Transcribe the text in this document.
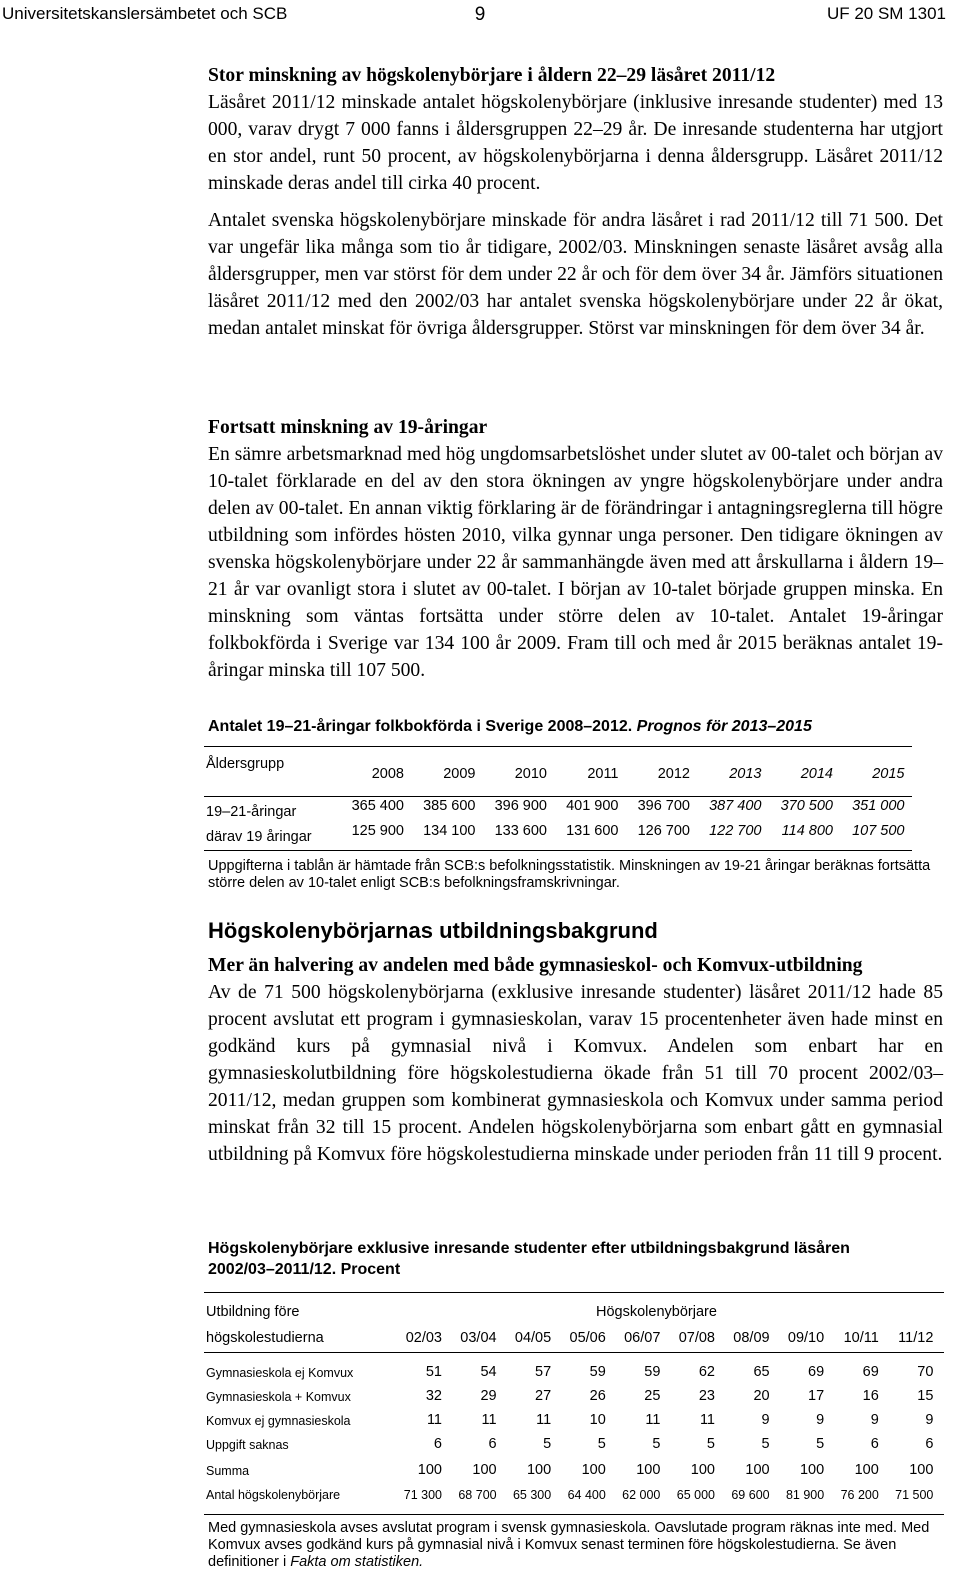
9
Universitetskanslersämbetet och SCB	UF 20 SM 1301

Stor minskning av högskolenybörjare i åldern 22–29 läsåret 2011/12
Läsåret 2011/12 minskade antalet högskolenybörjare (inklusive inresande studenter) med 13 000, varav drygt 7 000 fanns i åldersgruppen 22–29 år. De inresande studenterna har utgjort en stor andel, runt 50 procent, av högskolenybörjarna i denna åldersgrupp. Läsåret 2011/12 minskade deras andel till cirka 40 procent.

Antalet svenska högskolenybörjare minskade för andra läsåret i rad 2011/12 till 71 500. Det var ungefär lika många som tio år tidigare, 2002/03. Minskningen senaste läsåret avsåg alla åldersgrupper, men var störst för dem under 22 år och för dem över 34 år. Jämförs situationen läsåret 2011/12 med den 2002/03 har antalet svenska högskolenybörjare under 22 år ökat, medan antalet minskat för övriga åldersgrupper. Störst var minskningen för dem över 34 år.

Fortsatt minskning av 19-åringar
En sämre arbetsmarknad med hög ungdomsarbetslöshet under slutet av 00-talet och början av 10-talet förklarade en del av den stora ökningen av yngre högskolenybörjare under andra delen av 00-talet. En annan viktig förklaring är de förändringar i antagningsreglerna till högre utbildning som infördes hösten 2010, vilka gynnar unga personer. Den tidigare ökningen av svenska högskolenybörjare under 22 år sammanhängde även med att årskullarna i åldern 19–21 år var ovanligt stora i slutet av 00-talet. I början av 10-talet började gruppen minska. En minskning som väntas fortsätta under större delen av 10-talet. Antalet 19-åringar folkbokförda i Sverige var 134 100 år 2009. Fram till och med år 2015 beräknas antalet 19-åringar minska till 107 500.

Antalet 19–21-åringar folkbokförda i Sverige 2008–2012. Prognos för 2013–2015

Åldersgrupp
2008	2009	2010	2011	2012	2013	2014	2015
19–21-åringar	365 400	385 600	396 900	401 900	396 700	387 400	370 500	351 000
därav 19 åringar	125 900	134 100	133 600	131 600	126 700	122 700	114 800	107 500

Uppgifterna i tablån är hämtade från SCB:s befolkningsstatistik. Minskningen av 19-21 åringar beräknas fortsätta större delen av 10-talet enligt SCB:s befolkningsframskrivningar.

Högskolenybörjarnas utbildningsbakgrund

Mer än halvering av andelen med både gymnasieskol- och Komvux-utbildning
Av de 71 500 högskolenybörjarna (exklusive inresande studenter) läsåret 2011/12 hade 85 procent avslutat ett program i gymnasieskolan, varav 15 procentenheter även hade minst en godkänd kurs på gymnasial nivå i Komvux. Andelen som enbart har en gymnasieskolutbildning före högskolestudierna ökade från 51 till 70 procent 2002/03–2011/12, medan gruppen som kombinerat gymnasieskola och Komvux under samma period minskat från 32 till 15 procent. Andelen högskolenybörjarna som enbart gått en gymnasial utbildning på Komvux före högskolestudierna minskade under perioden från 11 till 9 procent.

Högskolenybörjare exklusive inresande studenter efter utbildningsbakgrund läsåren 2002/03–2011/12. Procent

Utbildning före	Högskolenybörjare
högskolestudierna	02/03	03/04	04/05	05/06	06/07	07/08	08/09	09/10	10/11	11/12
Gymnasieskola ej Komvux	51	54	57	59	59	62	65	69	69	70
Gymnasieskola + Komvux	32	29	27	26	25	23	20	17	16	15
Komvux ej gymnasieskola	11	11	11	10	11	11	9	9	9	9
Uppgift saknas	6	6	5	5	5	5	5	5	6	6
Summa	100	100	100	100	100	100	100	100	100	100
Antal högskolenybörjare	71 300	68 700	65 300	64 400	62 000	65 000	69 600	81 900	76 200	71 500

Med gymnasieskola avses avslutat program i svensk gymnasieskola. Oavslutade program räknas inte med. Med Komvux avses godkänd kurs på gymnasial nivå i Komvux senast terminen före högskolestudierna. Se även definitioner i Fakta om statistiken.
